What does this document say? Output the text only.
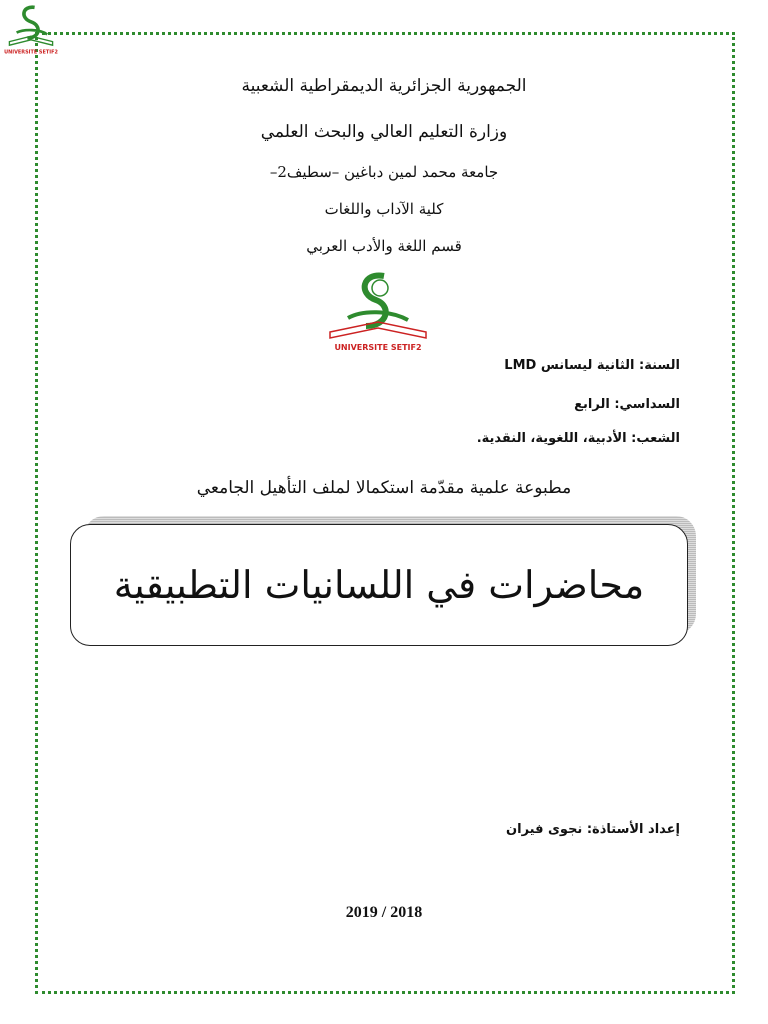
UNIVERSITE SETIF2
الجمهورية الجزائرية الديمقراطية الشعبية
وزارة التعليم العالي والبحث العلمي
جامعة محمد لمين دباغين –سطيف2–
كلية الآداب واللغات
قسم اللغة والأدب العربي
UNIVERSITE SETIF2
السنة: الثانية ليسانس LMD
السداسي: الرابع
الشعب: الأدبية، اللغوية، النقدية.
مطبوعة علمية مقدّمة استكمالا لملف التأهيل الجامعي
محاضرات في اللسانيات التطبيقية
إعداد الأستاذة: نجوى فيران
2019 / 2018
